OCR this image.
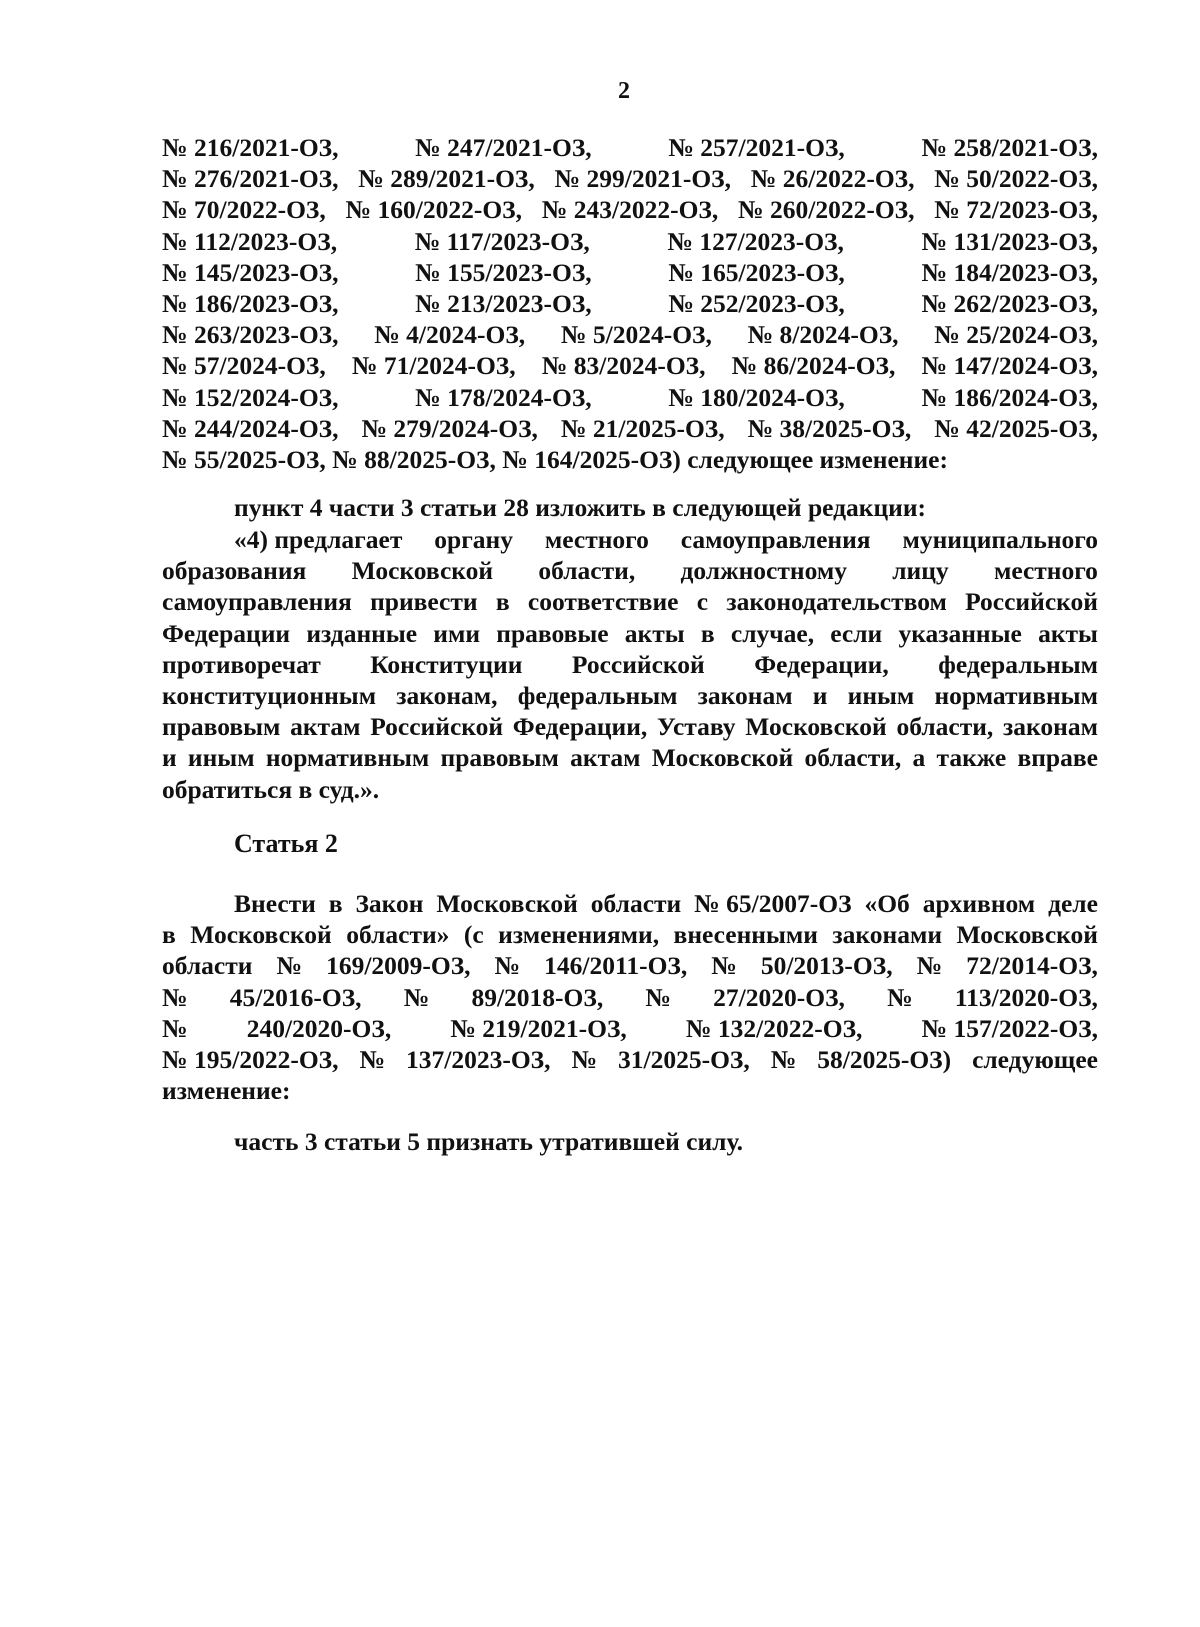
2
№ 216/2021-ОЗ,	№ 247/2021-ОЗ,	№ 257/2021-ОЗ,	№ 258/2021-ОЗ,
№ 276/2021-ОЗ, № 289/2021-ОЗ, № 299/2021-ОЗ, № 26/2022-ОЗ, № 50/2022-ОЗ,
№ 70/2022-ОЗ, № 160/2022-ОЗ, № 243/2022-ОЗ, № 260/2022-ОЗ, № 72/2023-ОЗ,
№ 112/2023-ОЗ,	№ 117/2023-ОЗ,	№ 127/2023-ОЗ,	№ 131/2023-ОЗ,
№ 145/2023-ОЗ,	№ 155/2023-ОЗ,	№ 165/2023-ОЗ,	№ 184/2023-ОЗ,
№ 186/2023-ОЗ,	№ 213/2023-ОЗ,	№ 252/2023-ОЗ,	№ 262/2023-ОЗ,
№ 263/2023-ОЗ, № 4/2024-ОЗ, № 5/2024-ОЗ, № 8/2024-ОЗ, № 25/2024-ОЗ,
№ 57/2024-ОЗ, № 71/2024-ОЗ, № 83/2024-ОЗ, № 86/2024-ОЗ, № 147/2024-ОЗ,
№ 152/2024-ОЗ,	№ 178/2024-ОЗ,	№ 180/2024-ОЗ,	№ 186/2024-ОЗ,
№ 244/2024-ОЗ, № 279/2024-ОЗ, № 21/2025-ОЗ, № 38/2025-ОЗ, № 42/2025-ОЗ,
№ 55/2025-ОЗ, № 88/2025-ОЗ, № 164/2025-ОЗ) следующее изменение:
пункт 4 части 3 статьи 28 изложить в следующей редакции:
«4) предлагает органу местного самоуправления муниципального
образования Московской области, должностному лицу местного
самоуправления привести в соответствие с законодательством Российской
Федерации изданные ими правовые акты в случае, если указанные акты
противоречат Конституции Российской Федерации, федеральным
конституционным законам, федеральным законам и иным нормативным
правовым актам Российской Федерации, Уставу Московской области, законам
и иным нормативным правовым актам Московской области, а также вправе
обратиться в суд.».
Статья 2
Внести в Закон Московской области № 65/2007-ОЗ «Об архивном деле
в Московской области» (с изменениями, внесенными законами Московской
области № 169/2009-ОЗ, № 146/2011-ОЗ, № 50/2013-ОЗ, № 72/2014-ОЗ,
№ 45/2016-ОЗ, № 89/2018-ОЗ, № 27/2020-ОЗ, № 113/2020-ОЗ,
№ 240/2020-ОЗ, № 219/2021-ОЗ, № 132/2022-ОЗ, № 157/2022-ОЗ,
№ 195/2022-ОЗ, № 137/2023-ОЗ, № 31/2025-ОЗ, № 58/2025-ОЗ) следующее
изменение:
часть 3 статьи 5 признать утратившей силу.
